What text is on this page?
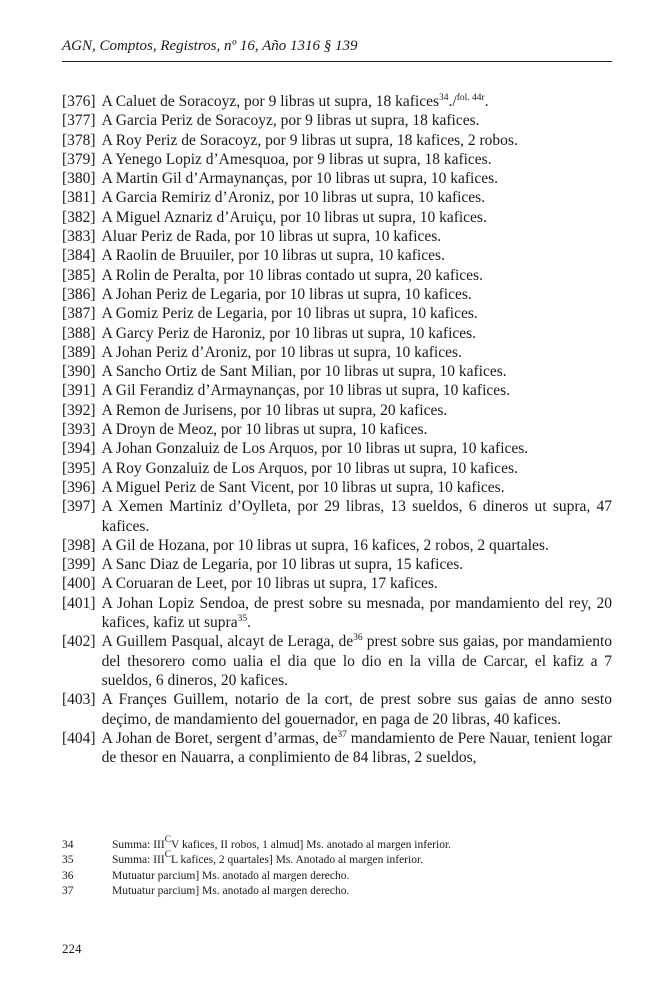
AGN, Comptos, Registros, nº 16, Año 1316 § 139
[376] A Caluet de Soracoyz, por 9 libras ut supra, 18 kafices$^{34}$./$^{fol. 44r}$.
[377] A Garcia Periz de Soracoyz, por 9 libras ut supra, 18 kafices.
[378] A Roy Periz de Soracoyz, por 9 libras ut supra, 18 kafices, 2 robos.
[379] A Yenego Lopiz d’Amesquoa, por 9 libras ut supra, 18 kafices.
[380] A Martin Gil d’Armaynanças, por 10 libras ut supra, 10 kafices.
[381] A Garcia Remiriz d’Aroniz, por 10 libras ut supra, 10 kafices.
[382] A Miguel Aznariz d’Aruiçu, por 10 libras ut supra, 10 kafices.
[383] Aluar Periz de Rada, por 10 libras ut supra, 10 kafices.
[384] A Raolin de Bruuiler, por 10 libras ut supra, 10 kafices.
[385] A Rolin de Peralta, por 10 libras contado ut supra, 20 kafices.
[386] A Johan Periz de Legaria, por 10 libras ut supra, 10 kafices.
[387] A Gomiz Periz de Legaria, por 10 libras ut supra, 10 kafices.
[388] A Garcy Periz de Haroniz, por 10 libras ut supra, 10 kafices.
[389] A Johan Periz d’Aroniz, por 10 libras ut supra, 10 kafices.
[390] A Sancho Ortiz de Sant Milian, por 10 libras ut supra, 10 kafices.
[391] A Gil Ferandiz d’Armaynanças, por 10 libras ut supra, 10 kafices.
[392] A Remon de Jurisens, por 10 libras ut supra, 20 kafices.
[393] A Droyn de Meoz, por 10 libras ut supra, 10 kafices.
[394] A Johan Gonzaluiz de Los Arquos, por 10 libras ut supra, 10 kafices.
[395] A Roy Gonzaluiz de Los Arquos, por 10 libras ut supra, 10 kafices.
[396] A Miguel Periz de Sant Vicent, por 10 libras ut supra, 10 kafices.
[397] A Xemen Martiniz d’Oylleta, por 29 libras, 13 sueldos, 6 dineros ut supra, 47 kafices.
[398] A Gil de Hozana, por 10 libras ut supra, 16 kafices, 2 robos, 2 quartales.
[399] A Sanc Diaz de Legaria, por 10 libras ut supra, 15 kafices.
[400] A Coruaran de Leet, por 10 libras ut supra, 17 kafices.
[401] A Johan Lopiz Sendoa, de prest sobre su mesnada, por mandamiento del rey, 20 kafices, kafiz ut supra$^{35}$.
[402] A Guillem Pasqual, alcayt de Leraga, $de^{36}$ prest sobre sus gaias, por mandamiento del thesorero como ualia el dia que lo dio en la villa de Carcar, el kafiz a 7 sueldos, 6 dineros, 20 kafices.
[403] A Françes Guillem, notario de la cort, de prest sobre sus gaias de anno sesto deçimo, de mandamiento del gouernador, en paga de 20 libras, 40 kafices.
[404] A Johan de Boret, sergent d’armas, $de^{37}$ mandamiento de Pere Nauar, tenient logar de thesor en Nauarra, a conplimiento de 84 libras, 2 sueldos,
34	Summa: $III^CV$ kafices, II robos, 1 almud] Ms. anotado al margen inferior.
35	Summa: $III^CL$ kafices, 2 quartales] Ms. Anotado al margen inferior.
36	Mutuatur parcium] Ms. anotado al margen derecho.
37	Mutuatur parcium] Ms. anotado al margen derecho.
224
